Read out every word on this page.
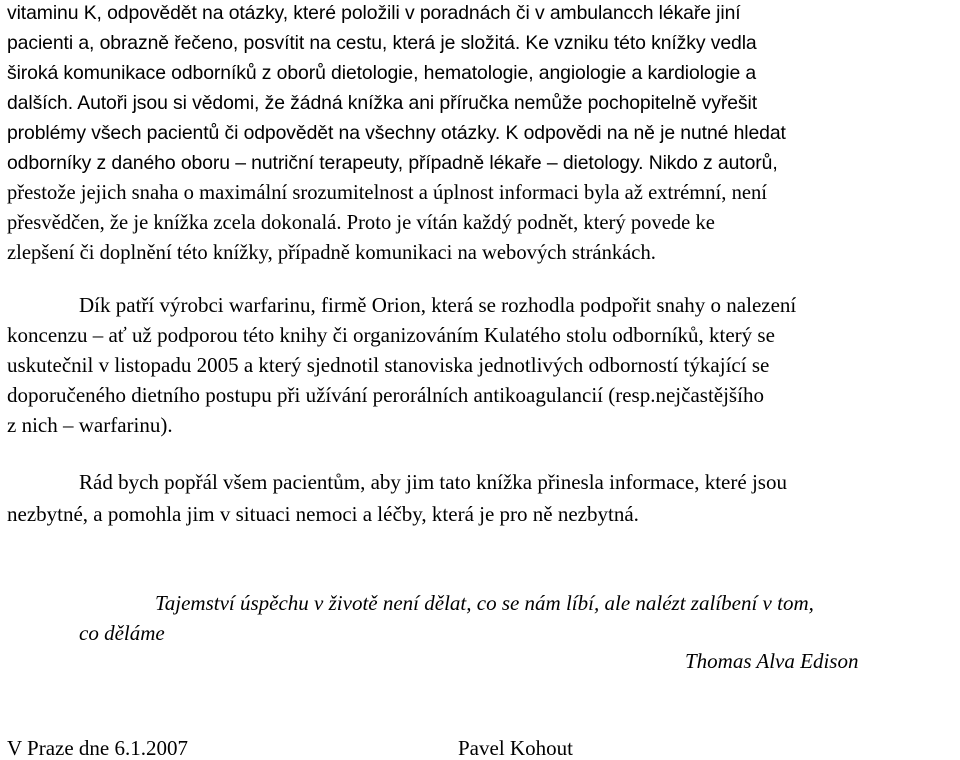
vitaminu K, odpovědět na otázky, které položili v poradnách či v ambulancch lékaře jiní

pacienti a, obrazně řečeno, posvítit na cestu, která je složitá. Ke vzniku této knížky vedla

široká komunikace odborníků z oborů dietologie, hematologie, angiologie a kardiologie a

dalších. Autoři jsou si vědomi, že žádná knížka ani příručka nemůže pochopitelně vyřešit

problémy všech pacientů či odpovědět na všechny otázky. K odpovědi na ně je nutné hledat

odborníky z daného oboru – nutriční terapeuty, případně lékaře – dietology. Nikdo z autorů,

přestože jejich snaha o maximální srozumitelnost a úplnost informaci byla až extrémní, není

přesvědčen, že je knížka zcela dokonalá. Proto je vítán každý podnět, který povede ke

zlepšení či doplnění této knížky, případně komunikaci na webových stránkách.

Dík patří výrobci warfarinu, firmě Orion, která se rozhodla podpořit snahy o nalezení

koncenzu – ať už podporou této knihy či organizováním Kulatého stolu odborníků, který se

uskutečnil v listopadu 2005 a který sjednotil stanoviska jednotlivých odborností týkající se

doporučeného dietního postupu při užívání perorálních antikoagulancií (resp.nejčastějšího

z nich – warfarinu).

Rád bych popřál všem pacientům, aby jim tato knížka přinesla informace, které jsou

nezbytné, a pomohla jim v situaci nemoci a léčby, která je pro ně nezbytná.

Tajemství úspěchu v životě není dělat, co se nám líbí, ale nalézt zalíbení v tom,

co děláme

Thomas Alva Edison

V Praze dne 6.1.2007	Pavel Kohout
